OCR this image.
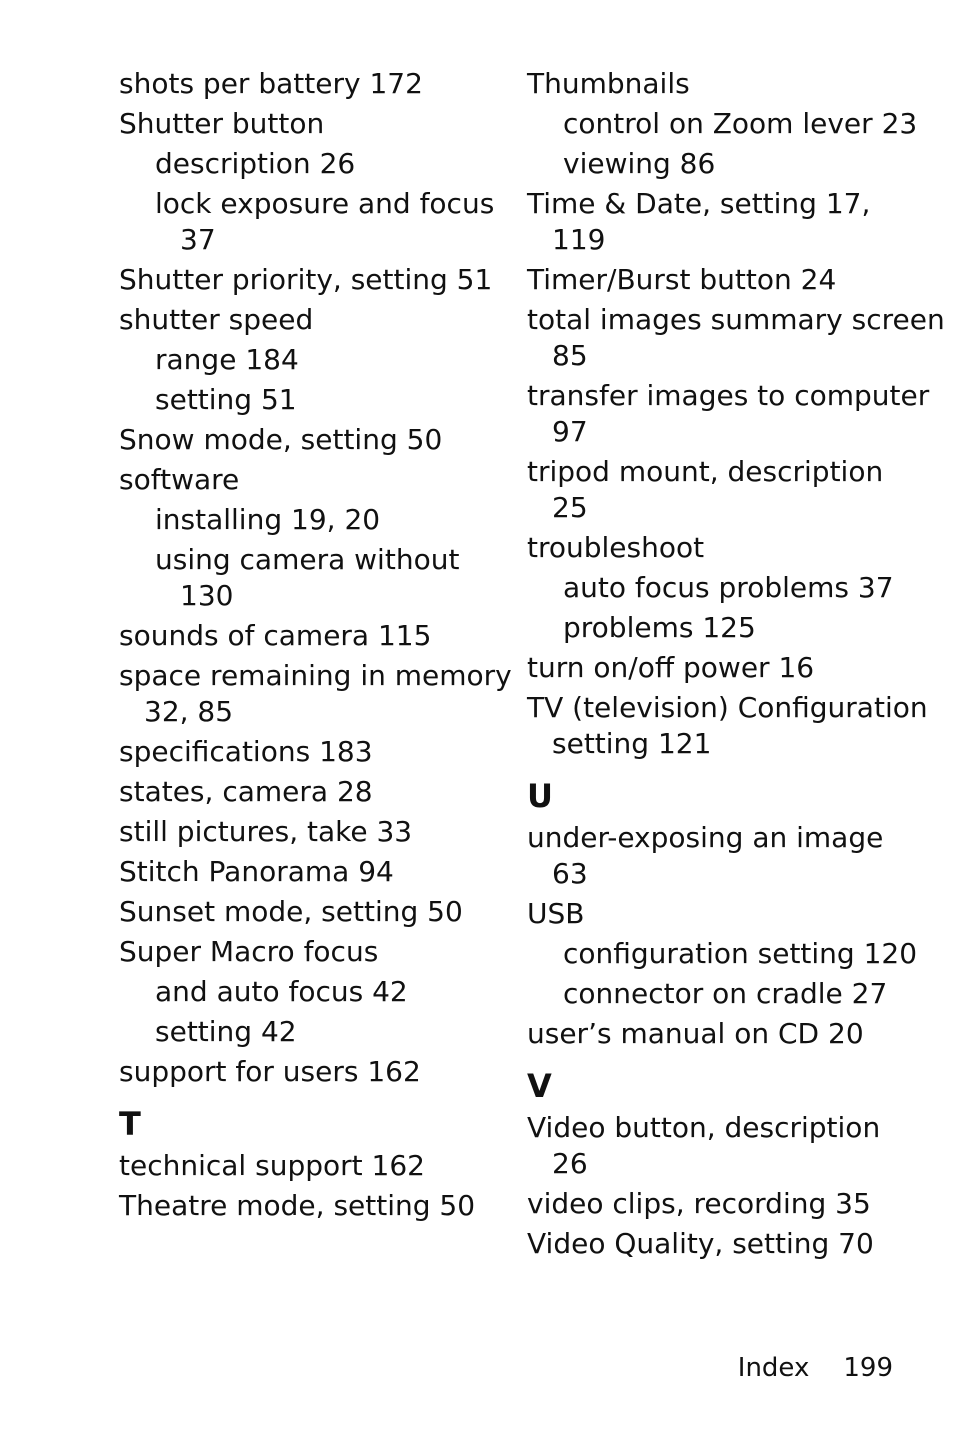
shots per battery 172
Shutter button
description 26
lock exposure and focus
37
Shutter priority, setting 51
shutter speed
range 184
setting 51
Snow mode, setting 50
software
installing 19, 20
using camera without
130
sounds of camera 115
space remaining in memory
32, 85
specifications 183
states, camera 28
still pictures, take 33
Stitch Panorama 94
Sunset mode, setting 50
Super Macro focus
and auto focus 42
setting 42
support for users 162
T
technical support 162
Theatre mode, setting 50
Thumbnails
control on Zoom lever 23
viewing 86
Time & Date, setting 17,
119
Timer/Burst button 24
total images summary screen
85
transfer images to computer
97
tripod mount, description
25
troubleshoot
auto focus problems 37
problems 125
turn on/off power 16
TV (television) Configuration
setting 121
U
under-exposing an image
63
USB
configuration setting 120
connector on cradle 27
user’s manual on CD 20
V
Video button, description
26
video clips, recording 35
Video Quality, setting 70
Index 199
